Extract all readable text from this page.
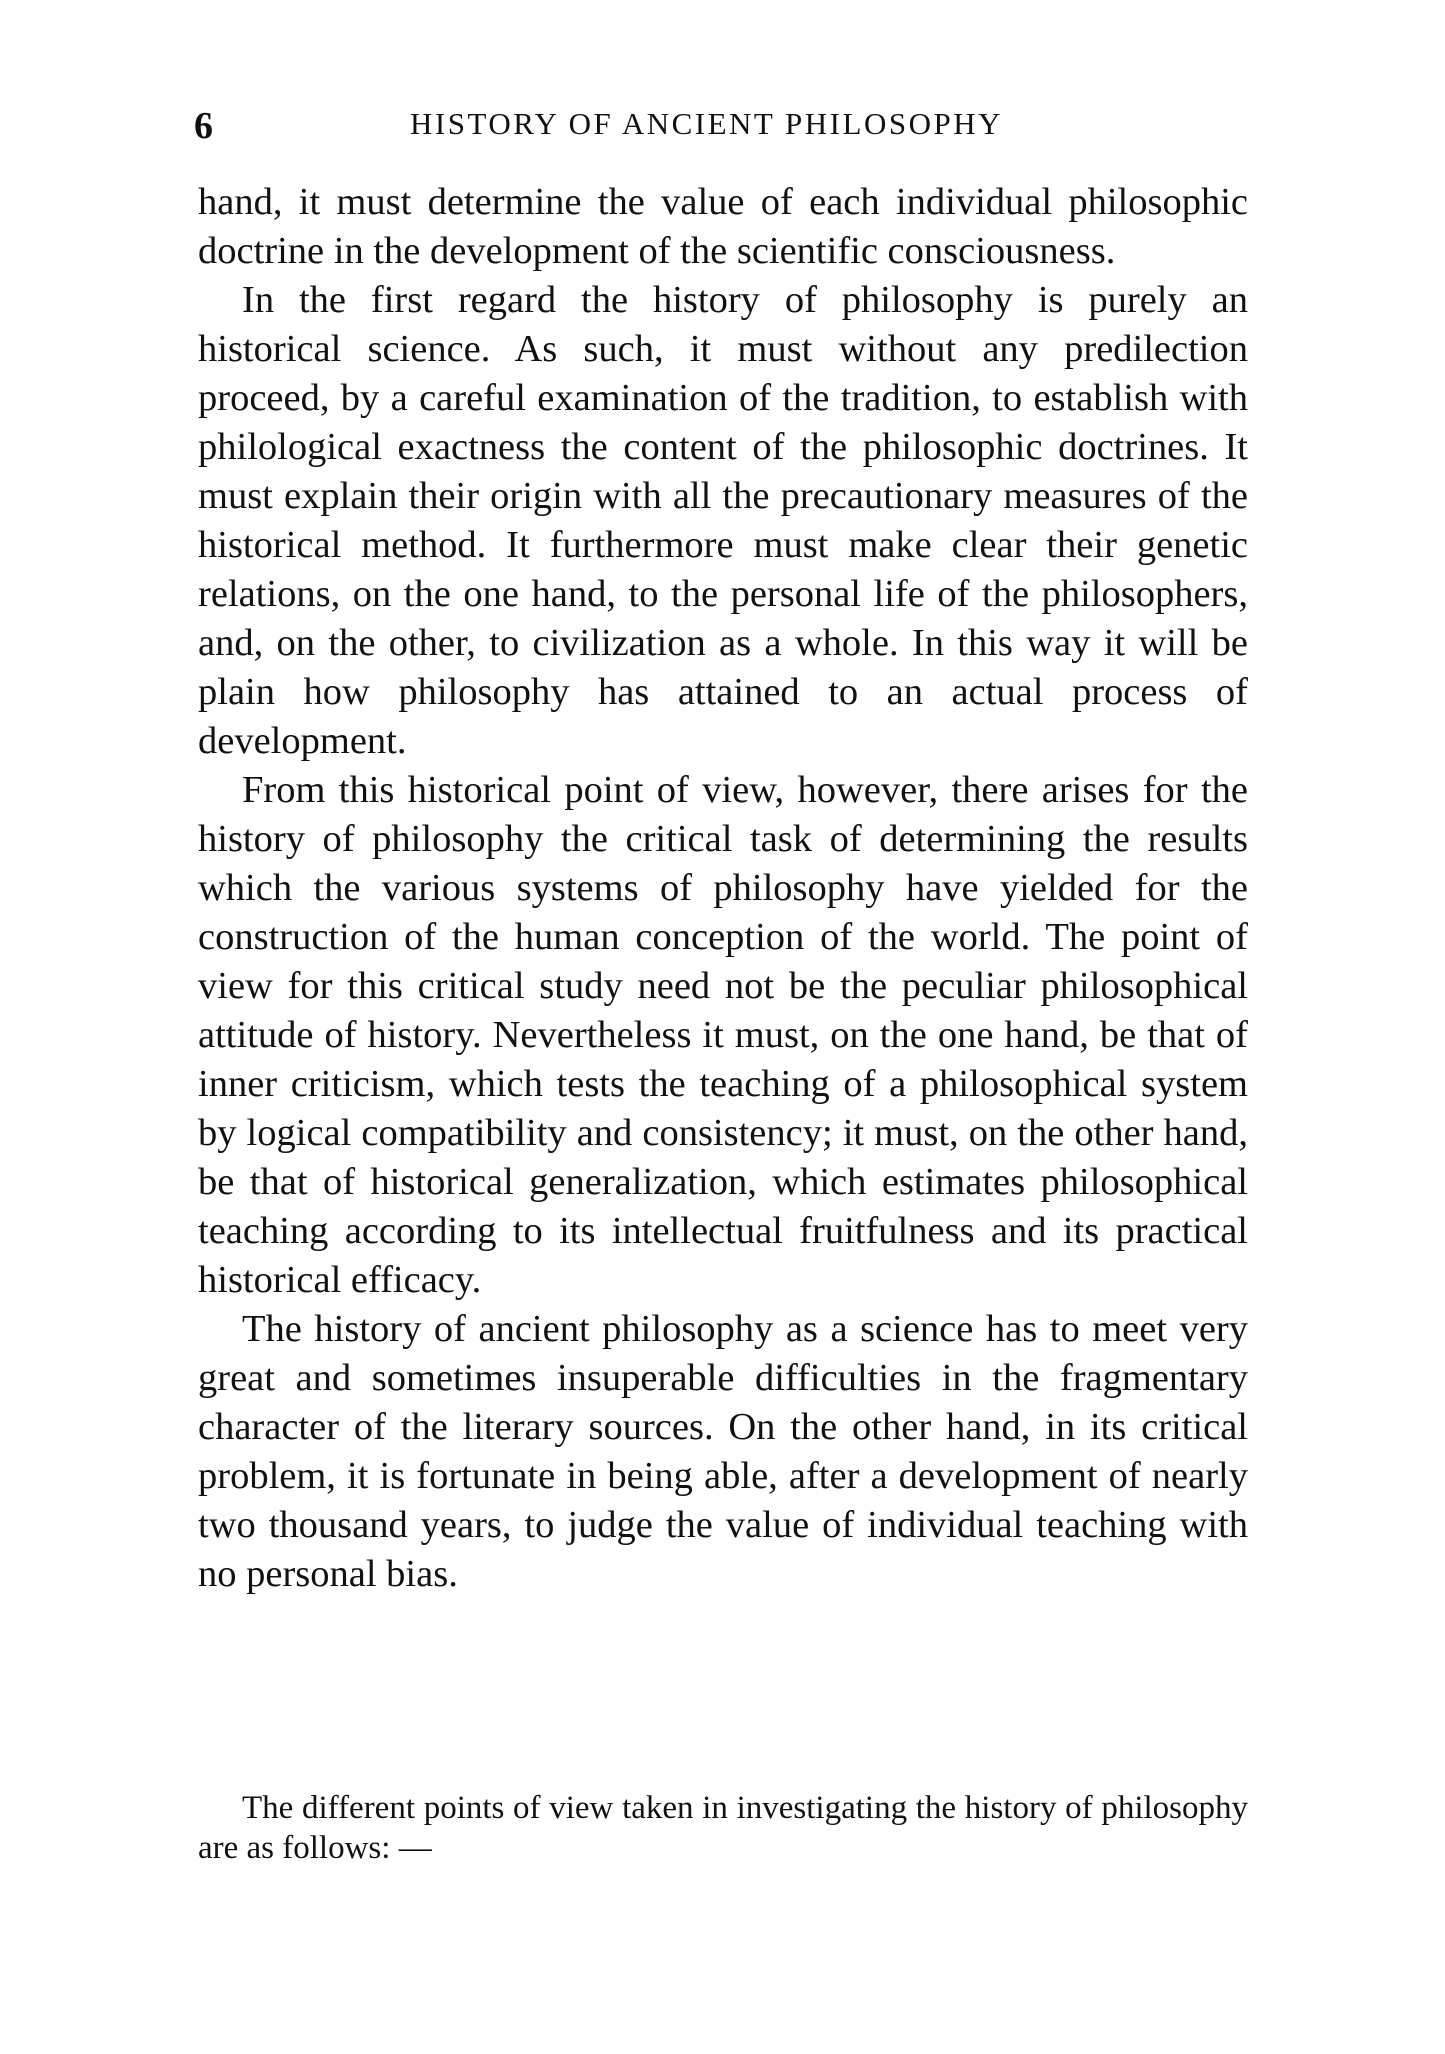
6	HISTORY OF ANCIENT PHILOSOPHY

hand, it must determine the value of each individual philosophic doctrine in the development of the scientific consciousness.

In the first regard the history of philosophy is purely an historical science. As such, it must without any predilection proceed, by a careful examination of the tradition, to establish with philological exactness the content of the philosophic doctrines. It must explain their origin with all the precautionary measures of the historical method. It furthermore must make clear their genetic relations, on the one hand, to the personal life of the philosophers, and, on the other, to civilization as a whole. In this way it will be plain how philosophy has attained to an actual process of development.

From this historical point of view, however, there arises for the history of philosophy the critical task of determining the results which the various systems of philosophy have yielded for the construction of the human conception of the world. The point of view for this critical study need not be the peculiar philosophical attitude of history. Nevertheless it must, on the one hand, be that of inner criticism, which tests the teaching of a philosophical system by logical compatibility and consistency; it must, on the other hand, be that of historical generalization, which estimates philosophical teaching according to its intellectual fruitfulness and its practical historical efficacy.

The history of ancient philosophy as a science has to meet very great and sometimes insuperable difficulties in the fragmentary character of the literary sources. On the other hand, in its critical problem, it is fortunate in being able, after a development of nearly two thousand years, to judge the value of individual teaching with no personal bias.

The different points of view taken in investigating the history of philosophy are as follows: —
